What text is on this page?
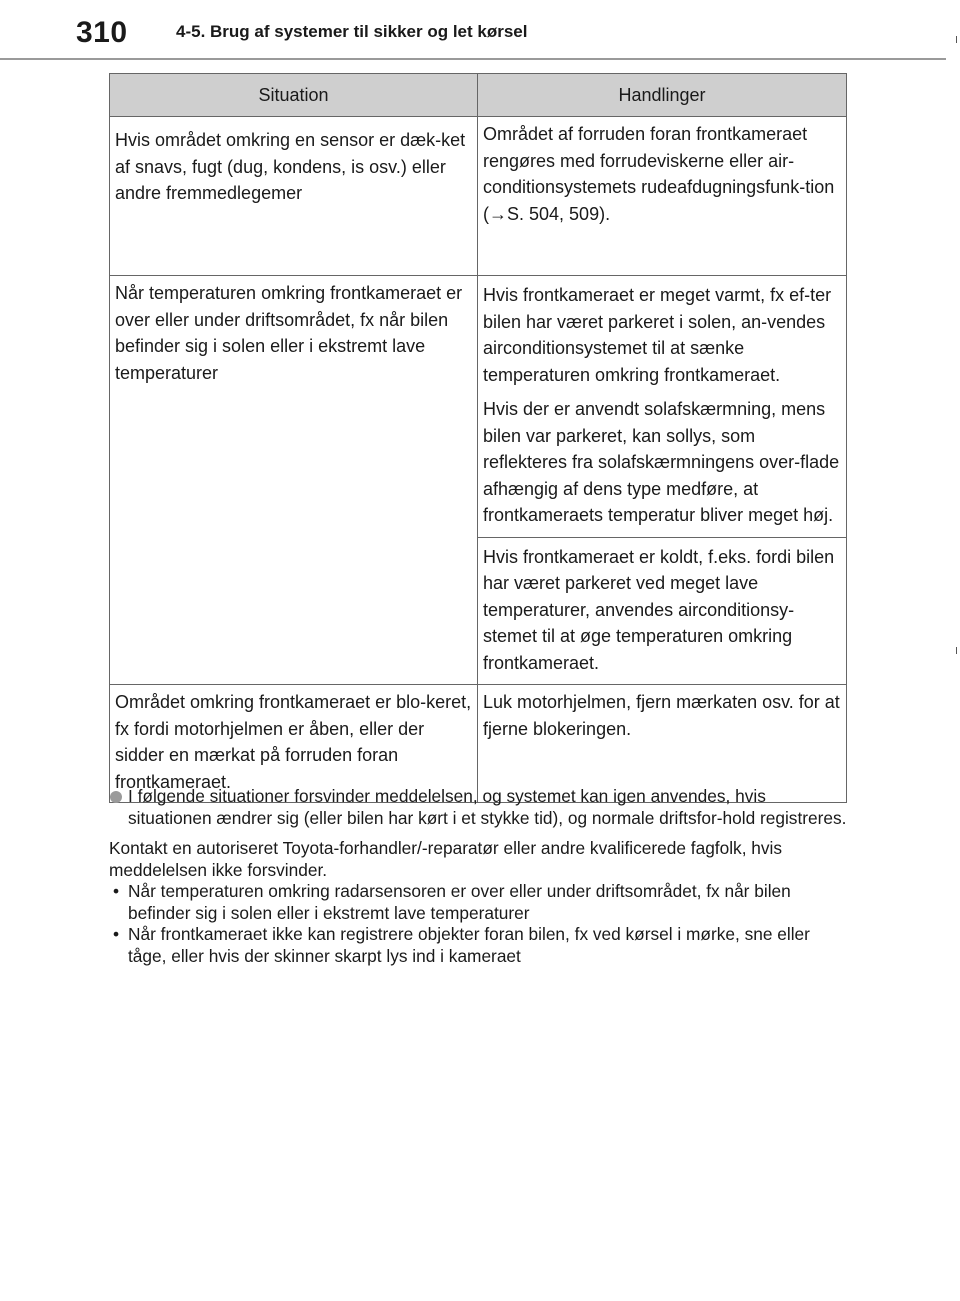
310	4-5. Brug af systemer til sikker og let kørsel
Situation	Handlinger

Hvis området omkring en sensor er dæk-ket af snavs, fugt (dug, kondens, is osv.) eller andre fremmedlegemer	Området af forruden foran frontkameraet rengøres med forrudeviskerne eller air-conditionsystemets rudeafdugningsfunk-tion (→S. 504, 509).

Når temperaturen omkring frontkameraet er over eller under driftsområdet, fx når bilen befinder sig i solen eller i ekstremt lave temperaturer	Hvis frontkameraet er meget varmt, fx ef-ter bilen har været parkeret i solen, an-vendes airconditionsystemet til at sænke temperaturen omkring frontkameraet.

Hvis der er anvendt solafskærmning, mens bilen var parkeret, kan sollys, som reflekteres fra solafskærmningens over-flade afhængig af dens type medføre, at frontkameraets temperatur bliver meget høj.

Hvis frontkameraet er koldt, f.eks. fordi bilen har været parkeret ved meget lave temperaturer, anvendes airconditionsy-stemet til at øge temperaturen omkring frontkameraet.

Området omkring frontkameraet er blo-keret, fx fordi motorhjelmen er åben, eller der sidder en mærkat på forruden foran frontkameraet.	Luk motorhjelmen, fjern mærkaten osv. for at fjerne blokeringen.
I følgende situationer forsvinder meddelelsen, og systemet kan igen anvendes, hvis situationen ændrer sig (eller bilen har kørt i et stykke tid), og normale driftsfor-hold registreres.
Kontakt en autoriseret Toyota-forhandler/-reparatør eller andre kvalificerede fagfolk, hvis meddelelsen ikke forsvinder.
• Når temperaturen omkring radarsensoren er over eller under driftsområdet, fx når bilen befinder sig i solen eller i ekstremt lave temperaturer
• Når frontkameraet ikke kan registrere objekter foran bilen, fx ved kørsel i mørke, sne eller tåge, eller hvis der skinner skarpt lys ind i kameraet
